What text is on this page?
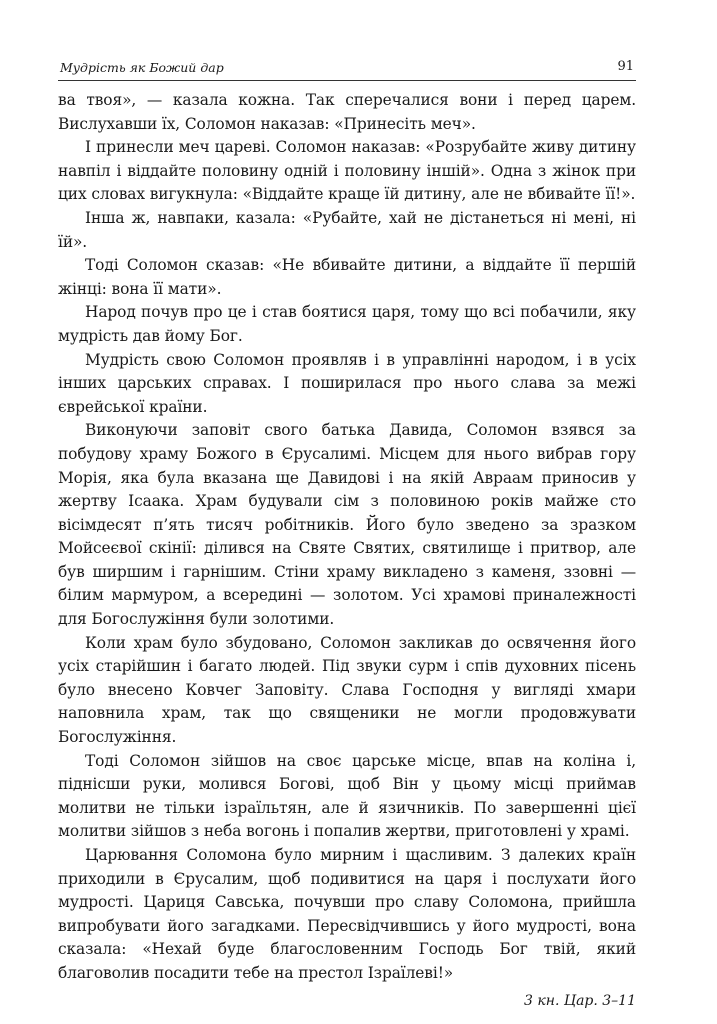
Мудрість як Божий дар	91

ва твоя», — казала кожна. Так сперечалися вони і перед царем. Вислухавши їх, Соломон наказав: «Принесіть меч».

І принесли меч цареві. Соломон наказав: «Розрубайте живу дитину навпіл і віддайте половину одній і половину іншій». Одна з жінок при цих словах вигукнула: «Віддайте краще їй дитину, але не вбивайте її!».

Інша ж, навпаки, казала: «Рубайте, хай не дістанеться ні мені, ні їй».

Тоді Соломон сказав: «Не вбивайте дитини, а віддайте її першій жінці: вона її мати».

Народ почув про це і став боятися царя, тому що всі побачили, яку мудрість дав йому Бог.

Мудрість свою Соломон проявляв і в управлінні народом, і в усіх інших царських справах. І поширилася про нього слава за межі єврейської країни.

Виконуючи заповіт свого батька Давида, Соломон взявся за побудову храму Божого в Єрусалимі. Місцем для нього вибрав гору Морія, яка була вказана ще Давидові і на якій Авраам приносив у жертву Ісаака. Храм будували сім з половиною років майже сто вісімдесят п’ять тисяч робітників. Його було зведено за зразком Мойсеєвої скінії: ділився на Святе Святих, святилище і притвор, але був ширшим і гарнішим. Стіни храму викладено з каменя, ззовні — білим мармуром, а всередині — золотом. Усі храмові приналежності для Богослужіння були золотими.

Коли храм було збудовано, Соломон закликав до освячення його усіх старійшин і багато людей. Під звуки сурм і спів духовних пісень було внесено Ковчег Заповіту. Слава Господня у вигляді хмари наповнила храм, так що священики не могли продовжувати Богослужіння.

Тоді Соломон зійшов на своє царське місце, впав на коліна і, піднісши руки, молився Богові, щоб Він у цьому місці приймав молитви не тільки ізраїльтян, але й язичників. По завершенні цієї молитви зійшов з неба вогонь і попалив жертви, приготовлені у храмі.

Царювання Соломона було мирним і щасливим. З далеких країн приходили в Єрусалим, щоб подивитися на царя і послухати його мудрості. Цариця Савська, почувши про славу Соломона, прийшла випробувати його загадками. Пересвідчившись у його мудрості, вона сказала: «Нехай буде благословенним Господь Бог твій, який благоволив посадити тебе на престол Ізраїлеві!»

3 кн. Цар. 3–11
